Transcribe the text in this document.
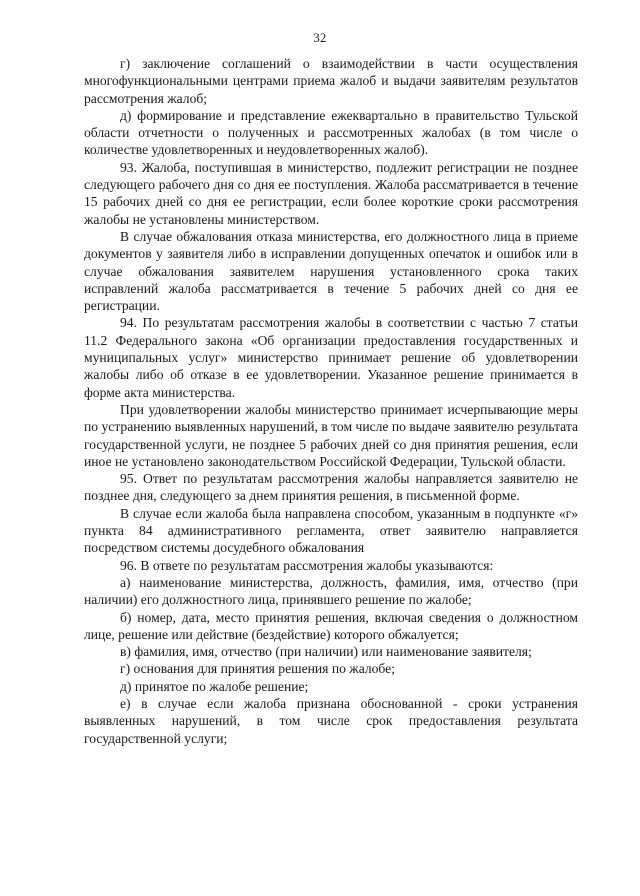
32

г) заключение соглашений о взаимодействии в части осуществления многофункциональными центрами приема жалоб и выдачи заявителям результатов рассмотрения жалоб;

д) формирование и представление ежеквартально в правительство Тульской области отчетности о полученных и рассмотренных жалобах (в том числе о количестве удовлетворенных и неудовлетворенных жалоб).

93. Жалоба, поступившая в министерство, подлежит регистрации не позднее следующего рабочего дня со дня ее поступления. Жалоба рассматривается в течение 15 рабочих дней со дня ее регистрации, если более короткие сроки рассмотрения жалобы не установлены министерством.

В случае обжалования отказа министерства, его должностного лица в приеме документов у заявителя либо в исправлении допущенных опечаток и ошибок или в случае обжалования заявителем нарушения установленного срока таких исправлений жалоба рассматривается в течение 5 рабочих дней со дня ее регистрации.

94. По результатам рассмотрения жалобы в соответствии с частью 7 статьи 11.2 Федерального закона «Об организации предоставления государственных и муниципальных услуг» министерство принимает решение об удовлетворении жалобы либо об отказе в ее удовлетворении. Указанное решение принимается в форме акта министерства.

При удовлетворении жалобы министерство принимает исчерпывающие меры по устранению выявленных нарушений, в том числе по выдаче заявителю результата государственной услуги, не позднее 5 рабочих дней со дня принятия решения, если иное не установлено законодательством Российской Федерации, Тульской области.

95. Ответ по результатам рассмотрения жалобы направляется заявителю не позднее дня, следующего за днем принятия решения, в письменной форме.

В случае если жалоба была направлена способом, указанным в подпункте «г» пункта 84 административного регламента, ответ заявителю направляется посредством системы досудебного обжалования

96. В ответе по результатам рассмотрения жалобы указываются:

а) наименование министерства, должность, фамилия, имя, отчество (при наличии) его должностного лица, принявшего решение по жалобе;

б) номер, дата, место принятия решения, включая сведения о должностном лице, решение или действие (бездействие) которого обжалуется;

в) фамилия, имя, отчество (при наличии) или наименование заявителя;

г) основания для принятия решения по жалобе;

д) принятое по жалобе решение;

е) в случае если жалоба признана обоснованной - сроки устранения выявленных нарушений, в том числе срок предоставления результата государственной услуги;
